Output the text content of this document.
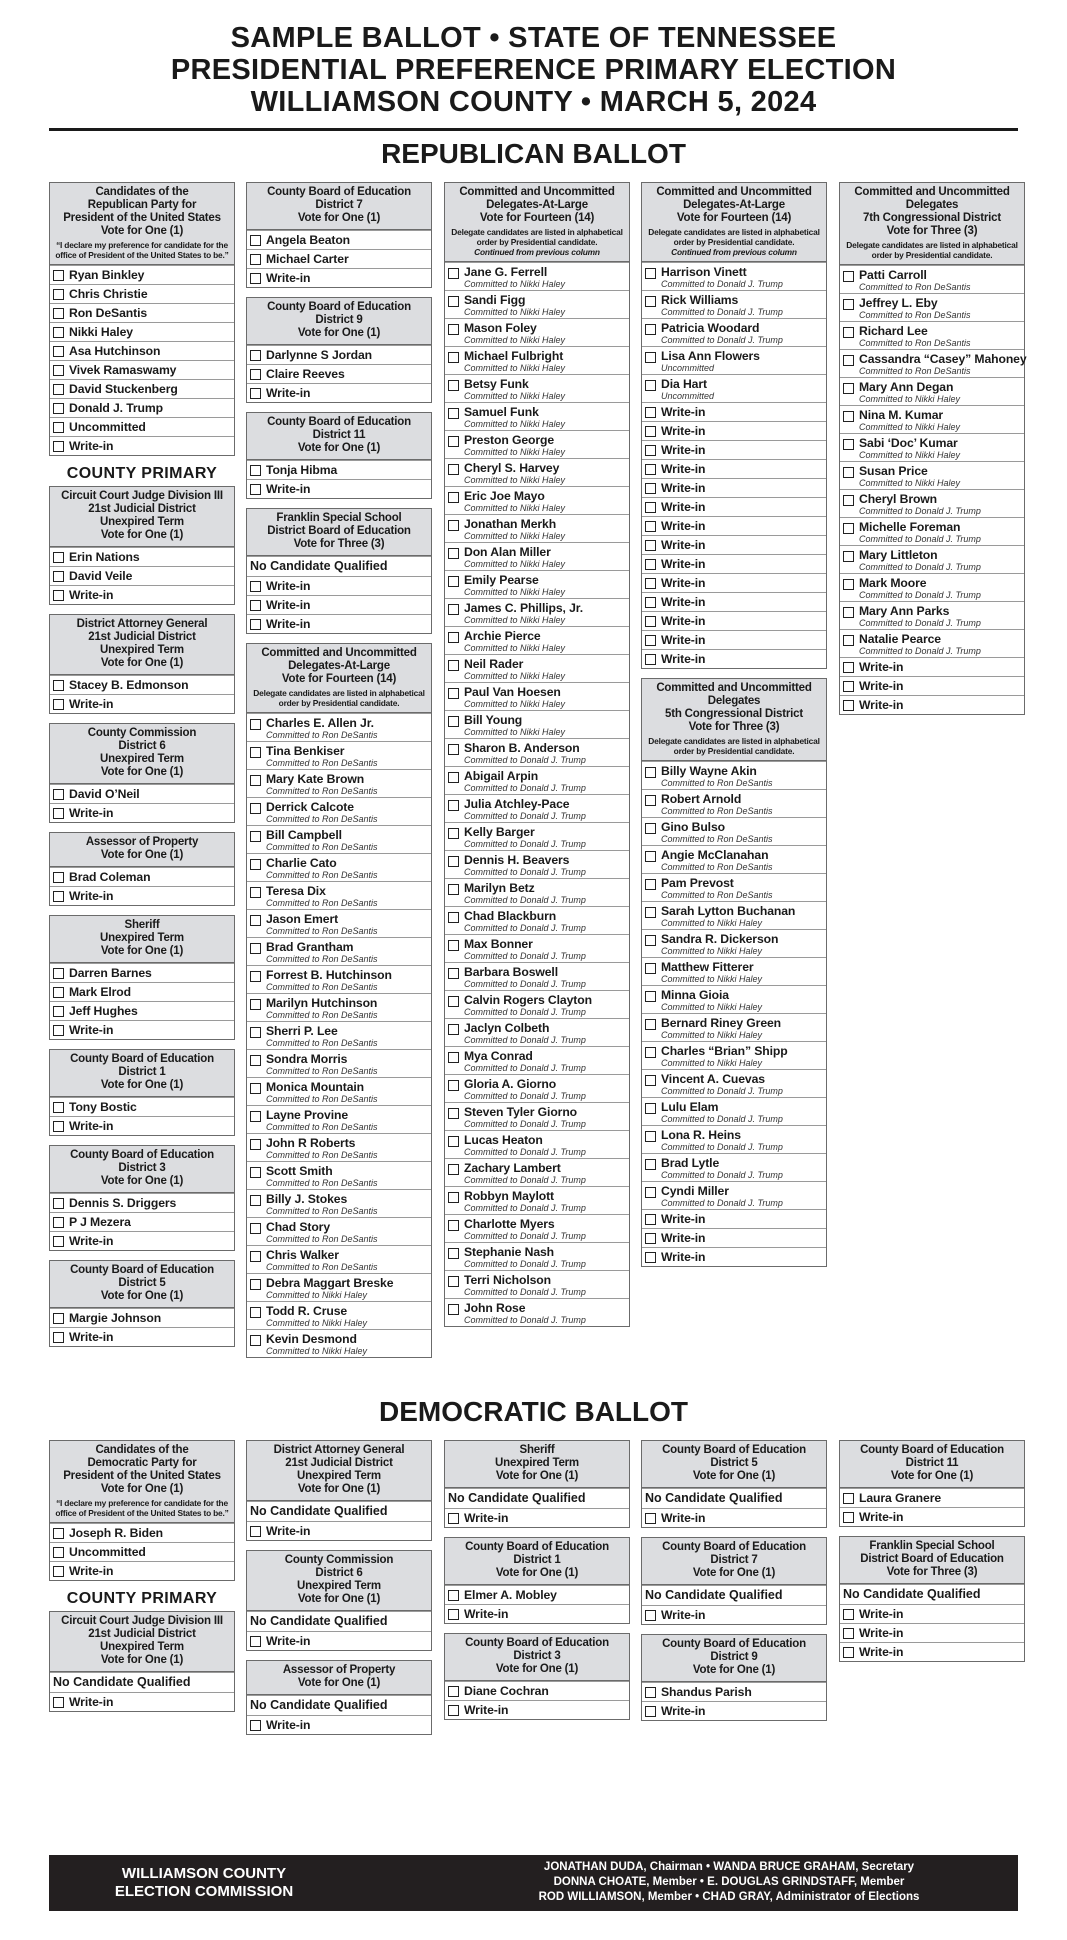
SAMPLE BALLOT • STATE OF TENNESSEE
PRESIDENTIAL PREFERENCE PRIMARY ELECTION
WILLIAMSON COUNTY • MARCH 5, 2024
REPUBLICAN BALLOT
Candidates of the
Republican Party for
President of the United States
Vote for One (1)
“I declare my preference for candidate for the office of President of the United States to be.”
Ryan Binkley
Chris Christie
Ron DeSantis
Nikki Haley
Asa Hutchinson
Vivek Ramaswamy
David Stuckenberg
Donald J. Trump
Uncommitted
Write-in
COUNTY PRIMARY
Circuit Court Judge Division III
21st Judicial District
Unexpired Term
Vote for One (1)
Erin Nations
David Veile
Write-in
District Attorney General
21st Judicial District
Unexpired Term
Vote for One (1)
Stacey B. Edmonson
Write-in
County Commission
District 6
Unexpired Term
Vote for One (1)
David O’Neil
Write-in
Assessor of Property
Vote for One (1)
Brad Coleman
Write-in
Sheriff
Unexpired Term
Vote for One (1)
Darren Barnes
Mark Elrod
Jeff Hughes
Write-in
County Board of Education
District 1
Vote for One (1)
Tony Bostic
Write-in
County Board of Education
District 3
Vote for One (1)
Dennis S. Driggers
P J Mezera
Write-in
County Board of Education
District 5
Vote for One (1)
Margie Johnson
Write-in
County Board of Education
District 7
Vote for One (1)
Angela Beaton
Michael Carter
Write-in
County Board of Education
District 9
Vote for One (1)
Darlynne S Jordan
Claire Reeves
Write-in
County Board of Education
District 11
Vote for One (1)
Tonja Hibma
Write-in
Franklin Special School
District Board of Education
Vote for Three (3)
No Candidate Qualified
Write-in
Write-in
Write-in
Committed and Uncommitted
Delegates-At-Large
Vote for Fourteen (14)
Delegate candidates are listed in alphabetical order by Presidential candidate.
Charles E. Allen Jr.
Committed to Ron DeSantis
Tina Benkiser
Committed to Ron DeSantis
Mary Kate Brown
Committed to Ron DeSantis
Derrick Calcote
Committed to Ron DeSantis
Bill Campbell
Committed to Ron DeSantis
Charlie Cato
Committed to Ron DeSantis
Teresa Dix
Committed to Ron DeSantis
Jason Emert
Committed to Ron DeSantis
Brad Grantham
Committed to Ron DeSantis
Forrest B. Hutchinson
Committed to Ron DeSantis
Marilyn Hutchinson
Committed to Ron DeSantis
Sherri P. Lee
Committed to Ron DeSantis
Sondra Morris
Committed to Ron DeSantis
Monica Mountain
Committed to Ron DeSantis
Layne Provine
Committed to Ron DeSantis
John R Roberts
Committed to Ron DeSantis
Scott Smith
Committed to Ron DeSantis
Billy J. Stokes
Committed to Ron DeSantis
Chad Story
Committed to Ron DeSantis
Chris Walker
Committed to Ron DeSantis
Debra Maggart Breske
Committed to Nikki Haley
Todd R. Cruse
Committed to Nikki Haley
Kevin Desmond
Committed to Nikki Haley
Committed and Uncommitted
Delegates-At-Large
Vote for Fourteen (14)
Delegate candidates are listed in alphabetical order by Presidential candidate.
Continued from previous column
Jane G. Ferrell
Committed to Nikki Haley
Sandi Figg
Committed to Nikki Haley
Mason Foley
Committed to Nikki Haley
Michael Fulbright
Committed to Nikki Haley
Betsy Funk
Committed to Nikki Haley
Samuel Funk
Committed to Nikki Haley
Preston George
Committed to Nikki Haley
Cheryl S. Harvey
Committed to Nikki Haley
Eric Joe Mayo
Committed to Nikki Haley
Jonathan Merkh
Committed to Nikki Haley
Don Alan Miller
Committed to Nikki Haley
Emily Pearse
Committed to Nikki Haley
James C. Phillips, Jr.
Committed to Nikki Haley
Archie Pierce
Committed to Nikki Haley
Neil Rader
Committed to Nikki Haley
Paul Van Hoesen
Committed to Nikki Haley
Bill Young
Committed to Nikki Haley
Sharon B. Anderson
Committed to Donald J. Trump
Abigail Arpin
Committed to Donald J. Trump
Julia Atchley-Pace
Committed to Donald J. Trump
Kelly Barger
Committed to Donald J. Trump
Dennis H. Beavers
Committed to Donald J. Trump
Marilyn Betz
Committed to Donald J. Trump
Chad Blackburn
Committed to Donald J. Trump
Max Bonner
Committed to Donald J. Trump
Barbara Boswell
Committed to Donald J. Trump
Calvin Rogers Clayton
Committed to Donald J. Trump
Jaclyn Colbeth
Committed to Donald J. Trump
Mya Conrad
Committed to Donald J. Trump
Gloria A. Giorno
Committed to Donald J. Trump
Steven Tyler Giorno
Committed to Donald J. Trump
Lucas Heaton
Committed to Donald J. Trump
Zachary Lambert
Committed to Donald J. Trump
Robbyn Maylott
Committed to Donald J. Trump
Charlotte Myers
Committed to Donald J. Trump
Stephanie Nash
Committed to Donald J. Trump
Terri Nicholson
Committed to Donald J. Trump
John Rose
Committed to Donald J. Trump
Committed and Uncommitted
Delegates-At-Large
Vote for Fourteen (14)
Delegate candidates are listed in alphabetical order by Presidential candidate.
Continued from previous column
Harrison Vinett
Committed to Donald J. Trump
Rick Williams
Committed to Donald J. Trump
Patricia Woodard
Committed to Donald J. Trump
Lisa Ann Flowers
Uncommitted
Dia Hart
Uncommitted
Write-in
Write-in
Write-in
Write-in
Write-in
Write-in
Write-in
Write-in
Write-in
Write-in
Write-in
Write-in
Write-in
Write-in
Committed and Uncommitted
Delegates
5th Congressional District
Vote for Three (3)
Delegate candidates are listed in alphabetical order by Presidential candidate.
Billy Wayne Akin
Committed to Ron DeSantis
Robert Arnold
Committed to Ron DeSantis
Gino Bulso
Committed to Ron DeSantis
Angie McClanahan
Committed to Ron DeSantis
Pam Prevost
Committed to Ron DeSantis
Sarah Lytton Buchanan
Committed to Nikki Haley
Sandra R. Dickerson
Committed to Nikki Haley
Matthew Fitterer
Committed to Nikki Haley
Minna Gioia
Committed to Nikki Haley
Bernard Riney Green
Committed to Nikki Haley
Charles “Brian” Shipp
Committed to Nikki Haley
Vincent A. Cuevas
Committed to Donald J. Trump
Lulu Elam
Committed to Donald J. Trump
Lona R. Heins
Committed to Donald J. Trump
Brad Lytle
Committed to Donald J. Trump
Cyndi Miller
Committed to Donald J. Trump
Write-in
Write-in
Write-in
Committed and Uncommitted
Delegates
7th Congressional District
Vote for Three (3)
Delegate candidates are listed in alphabetical order by Presidential candidate.
Patti Carroll
Committed to Ron DeSantis
Jeffrey L. Eby
Committed to Ron DeSantis
Richard Lee
Committed to Ron DeSantis
Cassandra “Casey” Mahoney
Committed to Ron DeSantis
Mary Ann Degan
Committed to Nikki Haley
Nina M. Kumar
Committed to Nikki Haley
Sabi ‘Doc’ Kumar
Committed to Nikki Haley
Susan Price
Committed to Nikki Haley
Cheryl Brown
Committed to Donald J. Trump
Michelle Foreman
Committed to Donald J. Trump
Mary Littleton
Committed to Donald J. Trump
Mark Moore
Committed to Donald J. Trump
Mary Ann Parks
Committed to Donald J. Trump
Natalie Pearce
Committed to Donald J. Trump
Write-in
Write-in
Write-in
DEMOCRATIC BALLOT
Candidates of the
Democratic Party for
President of the United States
Vote for One (1)
“I declare my preference for candidate for the office of President of the United States to be.”
Joseph R. Biden
Uncommitted
Write-in
COUNTY PRIMARY
Circuit Court Judge Division III
21st Judicial District
Unexpired Term
Vote for One (1)
No Candidate Qualified
Write-in
District Attorney General
21st Judicial District
Unexpired Term
Vote for One (1)
No Candidate Qualified
Write-in
County Commission
District 6
Unexpired Term
Vote for One (1)
No Candidate Qualified
Write-in
Assessor of Property
Vote for One (1)
No Candidate Qualified
Write-in
Sheriff
Unexpired Term
Vote for One (1)
No Candidate Qualified
Write-in
County Board of Education
District 1
Vote for One (1)
Elmer A. Mobley
Write-in
County Board of Education
District 3
Vote for One (1)
Diane Cochran
Write-in
County Board of Education
District 5
Vote for One (1)
No Candidate Qualified
Write-in
County Board of Education
District 7
Vote for One (1)
No Candidate Qualified
Write-in
County Board of Education
District 9
Vote for One (1)
Shandus Parish
Write-in
County Board of Education
District 11
Vote for One (1)
Laura Granere
Write-in
Franklin Special School
District Board of Education
Vote for Three (3)
No Candidate Qualified
Write-in
Write-in
Write-in
WILLIAMSON COUNTY
ELECTION COMMISSION
JONATHAN DUDA, Chairman • WANDA BRUCE GRAHAM, Secretary
DONNA CHOATE, Member • E. DOUGLAS GRINDSTAFF, Member
ROD WILLIAMSON, Member • CHAD GRAY, Administrator of Elections
